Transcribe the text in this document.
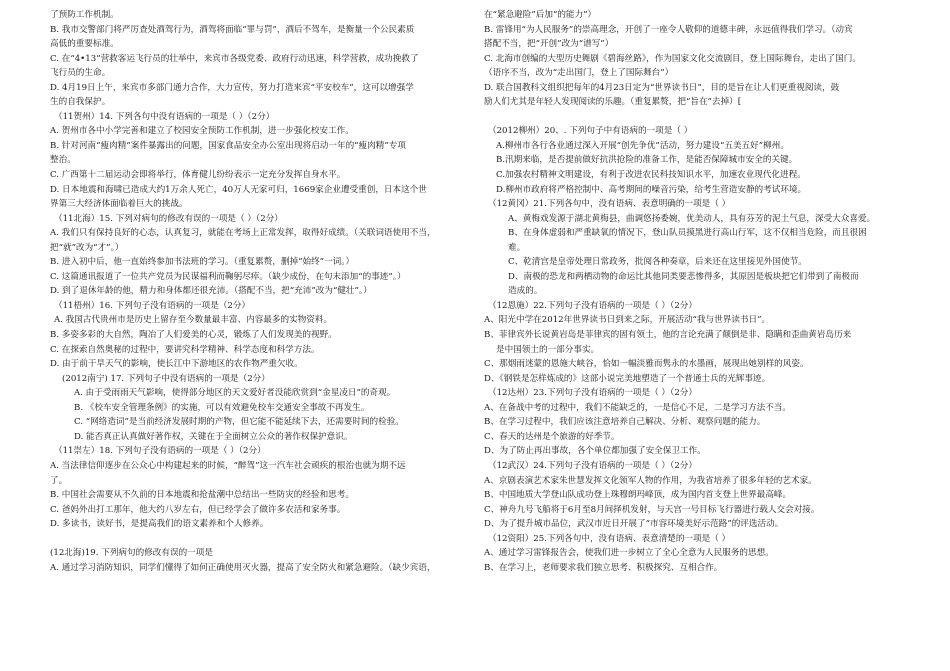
了预防工作机制。
B. 我市交警部门将严厉查处酒驾行为，酒驾将面临“罪与罚”，酒后不驾车，是衡量一个公民素质
高低的重要标准。
C. 在“4•13”营救客运飞行员的壮举中，来宾市各级党委、政府行动迅速，科学营救，成功挽救了
飞行员的生命。
D. 4月19日上午，来宾市多部门通力合作，大力宣传，努力打造来宾“平安校车”，这可以增强学
生的自我保护。
（11贺州）14. 下列各句中没有语病的一项是（ ）（2分）
A. 贺州市各中小学完善和建立了校园安全预防工作机制，进一步强化校安工作。
B. 针对河南“瘦肉精”案件暴露出的问题，国家食品安全办公室出现将启动一年的“瘦肉精”专项
整治。
C. 广西第十二届运动会即将举行，体育健儿纷纷表示一定充分发挥自身水平。
D. 日本地震和海啸已造成大约1万余人死亡，40万人无家可归，1669家企业遭受重创，日本这个世
界第三大经济体面临着巨大的挑战。
（11北海）15. 下列对病句的修改有误的一项是（ ）（2分）
A. 我们只有保持良好的心态，认真复习，就能在考场上正常发挥，取得好成绩。（关联词语使用不当，
把“就”改为“才”。）
B. 进入初中后，他一直始终参加书法班的学习。（重复累赘，删掉“始终”一词。）
C. 这篇通讯报道了一位共产党员为民谋福利而鞠躬尽瘁。（缺少成份，在句末添加“的事迹”。）
D. 到了退休年龄的他，精力和身体都还很充沛。（搭配不当，把“充沛”改为“健壮”。）
（11梧州）16. 下列句子没有语病的一项是（2分）
A. 我国古代贵州市是历史上留存至今数量最丰富、内容最多的实物资料。
B. 多姿多彩的大自然，陶冶了人们爱美的心灵，锻炼了人们发现美的视野。
C. 在探索自然奥秘的过程中，要讲究科学精神、科学态度和科学方法。
D. 由于前干旱天气的影响，使长江中下游地区的农作物严重欠收。
(2012南宁) 17. 下列句子中没有语病的一项是（2分）
A. 由于受雨雨天气影响，使得部分地区的天文爱好者没能欣赏到“金星凌日”的奇观。
B. 《校车安全管理条例》的实施，可以有效避免校车交通安全事故不再发生。
C. “网络造词”是当前经济发展时期的产物，但它能不能延续下去，还需要时间的检验。
D. 能否真正认真做好著作权，关键在于全面树立公众的著作权保护意识。
（11崇左）18. 下列句子没有语病的一项是（ ）（2分）
A. 当法律信仰逐步在公众心中构建起来的时候，“醉驾”这一汽车社会顽疾的根治也就为期不远
了。
B. 中国社会需要从不久前的日本地震和抢盐潮中总结出一些防灾的经验和思考。
C. 爸妈外出打工那年，他大约八岁左右，但已经学会了做许多农活和家务事。
D. 多读书，读好书，是提高我们的语文素养和个人修养。
(12北海)19. 下列病句的修改有误的一项是
A. 通过学习消防知识，同学们懂得了如何正确使用灭火器，提高了安全防火和紧急避险。（缺少宾语，
在“紧急避险”后加“的能力”）
B. 雷锋用“为人民服务”的崇高理念，开创了一座令人敬仰的道德丰碑，永远值得我们学习。（动宾
搭配不当，把“开创”改为“谱写”）
C. 北海市创编的大型历史舞剧《碧海丝路》，作为国家文化交流剧目，登上国际舞台，走出了国门。
（语序不当，改为“走出国门，登上了国际舞台”）
D. 联合国教科文组织把每年的4月23日定为“世界读书日”，目的是旨在让人们更重视阅读，鼓
励人们尤其是年轻人发现阅读的乐趣。（重复累赘，把“旨在”去掉）[
（2012柳州）20、. 下列句子中有语病的一项是（ ）
A.柳州市各行各业通过深入开展“创先争优”活动，努力建设“五美五好”柳州。
B.汛期来临，是否提前做好抗洪抢险的准备工作，是能否保障城市安全的关键。
C.加强农村精神文明建设，有利于改进农民科技知识水平，加速农业现代化进程。
D.柳州市政府将严格控制中、高考期间的噪音污染，给考生营造安静的考试环境。
（12黄冈）21.下列各句中，没有语病、表意明确的一项是（ ）
A、黄梅戏发源于湖北黄梅县，曲调悠扬委婉，优美动人，具有芬芳的泥土气息，深受大众喜爱。
B、在身体虚弱和严重缺氧的情况下，登山队员摸黑进行高山行军，这不仅相当危险，而且很困
难。
C、乾清宫是皇帝处理日常政务，批阅各种奏章，后来还在这里接见外国使节。
D、南极的恐龙和两栖动物的命运比其他同类要悲惨得多，其原因是板块把它们带到了南极而
造成的。
（12恩施）22.下列句子没有语病的一项是（ ）（2分）
A、阳光中学在2012年世界读书日到来之际，开展活动“我与世界读书日”。
B、菲律宾外长说黄岩岛是菲律宾的固有领土，他的言论充满了颠倒是非、隐瞒和歪曲黄岩岛历来
是中国领土的一部分事实。
C、那烟雨迷蒙的恩施大峡谷，恰如一幅淡雅而隽永的水墨画，展现出她别样的风姿。
D、《钢铁是怎样炼成的》这部小说完美地塑造了一个普通士兵的光辉事迹。
（12达州）23.下列句子没有语病的一项是（ ）（2分）
A、在备战中考的过程中，我们不能缺乏的，一是信心不足，二是学习方法不当。
B、在学习过程中，我们应该注意培养自己解决、分析、观察问题的能力。
C、春天的达州是个旅游的好季节。
D、为了防止再出事故，各个单位都加强了安全保卫工作。
（12武汉）24.下列句子没有语病的一项是（ ）（2分）
A、京剧表演艺术家朱世慧发挥文化领军人物的作用，为我省培养了很多年轻的艺术家。
B、中国地质大学登山队成功登上珠穆朗玛峰顶，成为国内首支登上世界最高峰。
C、神舟九号飞船将于6月至8月间择机发射，与天宫一号目标飞行器进行载人交会对接。
D、为了提升城市品位，武汉市近日开展了“市容环境美好示范路”的评选活动。
（12资阳）25.下列各句中，没有语病、表意清楚的一项是（ ）
A、通过学习雷锋报告会，使我们进一步树立了全心全意为人民服务的思想。
B、在学习上，老师要求我们独立思考、积极探究、互相合作。
